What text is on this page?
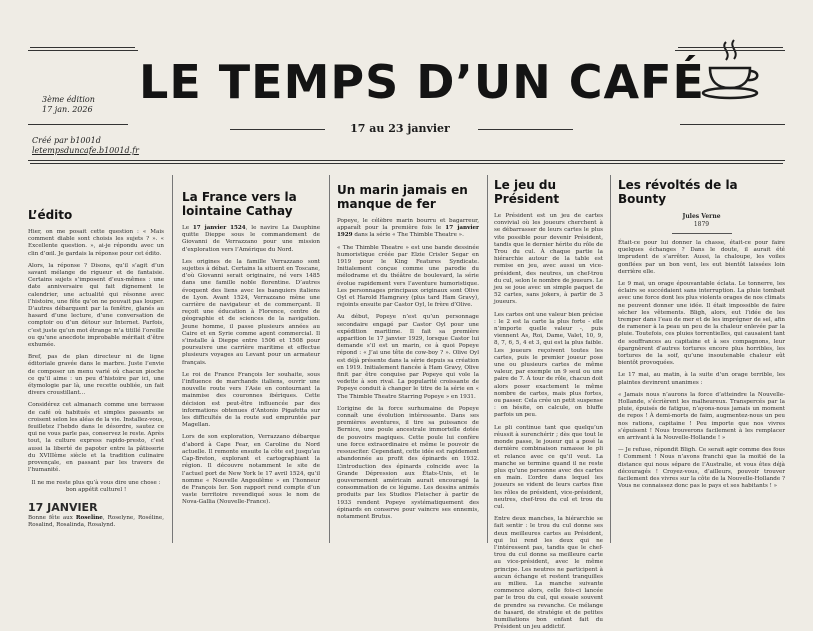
3ème édition
17 jan. 2026
Créé par b1001d
letempsduncafe.b1001d.fr
LE TEMPS D’UN CAFÉ
17 au 23 janvier
L’édito

Hier, on me posait cette question : « Mais comment diable sont choisis les sujets ? ». « Excellente question. », ai-je répondu avec un clin d’œil. Je gardais la réponse pour cet édito.

Alors, la réponse ? Disons, qu’il s’agit d’un savant mélange de rigueur et de fantaisie. Certains sujets s’imposent d’eux-mêmes : une date anniversaire qui fait dignement le calendrier, une actualité qui résonne avec l’histoire, une fête qu’on ne pouvait pas louper. D’autres débarquent par la fenêtre, glanés au hasard d’une lecture, d’une conversation de comptoir ou d’un détour sur Internet. Parfois, c’est juste qu’un mot étrange m’a titillé l’oreille ou qu’une anecdote improbable méritait d’être exhumée.

Bref, pas de plan directeur ni de ligne éditoriale gravée dans le marbre. Juste l’envie de composer un menu varié où chacun pioche ce qu’il aime : un peu d’histoire par ici, une étymologie par là, une recette oubliée, un fait divers croustillant…

Considérez cet almanach comme une terrasse de café où habitués et simples passants se croisent selon les aléas de la vie. Installez-vous, feuilletez l’hebdo dans le désordre, sautez ce qui ne vous parle pas, conservez le reste. Après tout, la culture express rapido-presto, c’est aussi la liberté de papoter entre la pâtisserie du XVIIIème siècle et la tradition culinaire provençale, en passant par les travers de l’humanité.

Il ne me reste plus qu’à vous dire une chose : bon appétit culturel !

17 JANVIER

Bonne fête aux Roseline, Roselyne, Roséline, Rosalind, Rosalinda, Rosalynd.

La France vers la lointaine Cathay

Le 17 janvier 1524, le navire La Dauphine quitte Dieppe sous le commandement de Giovanni de Verrazzano pour une mission d’exploration vers l’Amérique du Nord.

Les origines de la famille Verrazzano sont sujettes à débat. Certains la situent en Toscane, d’où Giovanni serait originaire, né vers 1485 dans une famille noble florentine. D’autres évoquent des liens avec les banquiers italiens de Lyon. Avant 1524, Verrazzano mène une carrière de navigateur et de commerçant. Il reçoit une éducation à Florence, centre de géographie et de sciences de la navigation. Jeune homme, il passe plusieurs années au Caire et en Syrie comme agent commercial. Il s’installe à Dieppe entre 1506 et 1508 pour poursuivre une carrière maritime et effectue plusieurs voyages au Levant pour un armateur français.

Le roi de France François Ier souhaite, sous l’influence de marchands italiens, ouvrir une nouvelle route vers l’Asie en contournant la mainmise des couronnes ibériques. Cette décision est peut-être influencée par des informations obtenues d’Antonio Pigafetta sur les difficultés de la route sud empruntée par Magellan.

Lors de son exploration, Verrazzano débarque d’abord à Cape Fear, en Caroline du Nord actuelle. Il remonte ensuite la côte est jusqu’au Cap-Breton, explorant et cartographiant la région. Il découvre notamment le site de l’actuel port de New York le 17 avril 1524, qu’il nomme « Nouvelle Angoulême » en l’honneur de François Ier. Son rapport rend compte d’un vaste territoire revendiqué sous le nom de Nova-Gallia (Nouvelle-France).

Un marin jamais en manque de fer

Popeye, le célèbre marin bourru et bagarreur, apparaît pour la première fois le 17 janvier 1929 dans la série « The Thimble Theatre ».

« The Thimble Theatre » est une bande dessinée humoristique créée par Elzie Crisler Segar en 1919 pour le King Features Syndicate. Initialement conçue comme une parodie du mélodrame et du théâtre de boulevard, la série évolue rapidement vers l’aventure humoristique. Les personnages principaux originaux sont Olive Oyl et Harold Hamgravy (plus tard Ham Gravy), rejoints ensuite par Castor Oyl, le frère d’Olive.

Au début, Popeye n’est qu’un personnage secondaire engagé par Castor Oyl pour une expédition maritime. Il fait sa première apparition le 17 janvier 1929, lorsque Castor lui demande s’il est un marin, ce à quoi Popeye répond : « J’ai une tête de cow-boy ? ». Olive Oyl est déjà présente dans la série depuis sa création en 1919. Initialement fiancée à Ham Gravy, Olive finit par être conquise par Popeye qui vole la vedette à son rival. La popularité croissante de Popeye conduit à changer le titre de la série en « The Thimble Theatre Starring Popeye » en 1931.

L’origine de la force surhumaine de Popeye connaît une évolution intéressante. Dans ses premières aventures, il tire sa puissance de Bernice, une poule ancestrale immortelle dotée de pouvoirs magiques. Cette poule lui confère une force extraordinaire et même le pouvoir de ressusciter. Cependant, cette idée est rapidement abandonnée au profit des épinards en 1932. L’introduction des épinards coïncide avec la Grande Dépression aux États-Unis, et le gouvernement américain aurait encouragé la consommation de ce légume. Les dessins animés produits par les Studios Fleischer à partir de 1933 rendent Popeye systématiquement des épinards en conserve pour vaincre ses ennemis, notamment Brutus.

Le jeu du Président

Le Président est un jeu de cartes convivial où les joueurs cherchent à se débarrasser de leurs cartes le plus vite possible pour devenir Président, tandis que le dernier hérite du rôle de Trou du cul. À chaque partie la hiérarchie autour de la table est remise en jeu, avec aussi un vice-président, des neutres, un chef-trou du cul, selon le nombre de joueurs. Le jeu se joue avec un simple paquet de 52 cartes, sans jokers, à partir de 3 joueurs.

Les cartes ont une valeur bien précise : le 2 est la carte la plus forte - elle n’importe quelle valeur -, puis viennent As, Roi, Dame, Valet, 10, 9, 8, 7, 6, 5, 4 et 3, qui est la plus faible. Les joueurs reçoivent toutes les cartes, puis le premier joueur pose une ou plusieurs cartes de même valeur, par exemple un 9 seul ou une paire de 7. À tour de rôle, chacun doit alors poser exactement le même nombre de cartes, mais plus fortes, ou passer. Cela crée un petit suspense : on hésite, on calcule, on bluffe parfois un peu.

Le pli continue tant que quelqu’un réussit à surenchérir ; dès que tout le monde passe, le joueur qui a posé la dernière combinaison ramasse le pli et relance avec ce qu’il veut. La manche se termine quand il ne reste plus qu’une personne avec des cartes en main. L’ordre dans lequel les joueurs se vident de leurs cartes fixe les rôles de président, vice-président, neutres, chef-trou du cul et trou du cul.

Entre deux manches, la hiérarchie se fait sentir : le trou du cul donne ses deux meilleures cartes au Président, qui lui rend les deux qui ne l’intéressent pas, tandis que le chef-trou du cul donne sa meilleure carte au vice-président, avec le même principe. Les neutres ne participent à aucun échange et restent tranquilles au milieu. La manche suivante commence alors, celle fois-ci lancée par le trou du cul, qui essaie souvent de prendre sa revanche. Ce mélange de hasard, de stratégie et de petites humiliations bon enfant fait du Président un jeu addictif.

Les révoltés de la Bounty
Jules Verne
1879

Était-ce pour lui donner la chasse, était-ce pour faire quelques échanges ? Dans le doute, il aurait été imprudent de s’arrêter. Aussi, la chaloupe, les voiles gonflées par un bon vent, les eut bientôt laissées loin derrière elle.

Le 9 mai, un orage épouvantable éclata. Le tonnerre, les éclairs se succédaient sans interruption. La pluie tombait avec une force dont les plus violents orages de nos climats ne peuvent donner une idée. Il était impossible de faire sécher les vêtements. Bligh, alors, eut l’idée de les tremper dans l’eau de mer et de les imprégner de sel, afin de ramener à la peau un peu de la chaleur enlevée par la pluie. Toutefois, ces pluies torrentielles, qui causaient tant de souffrances au capitaine et à ses compagnons, leur épargnèrent d’autres tortures encore plus horribles, les tortures de la soif, qu’une insoutenable chaleur eût bientôt provoquées.

Le 17 mai, au matin, à la suite d’un orage terrible, les plaintes devinrent unanimes :

« Jamais nous n’aurons la force d’atteindre la Nouvelle-Hollande, s’écrièrent les malheureux. Transpercés par la pluie, épuisés de fatigue, n’ayons-nous jamais un moment de repos ! À demi-morts de faim, augmentez-nous un peu nos rations, capitaine ! Peu importe que nos vivres s’épuisent ! Nous trouverons facilement à les remplacer en arrivant à la Nouvelle-Hollande ! »

— Je refuse, répondit Bligh. Ce serait agir comme des fous ! Comment ! Nous n’avons franchi que la moitié de la distance qui nous sépare de l’Australie, et vous êtes déjà découragés ! Croyez-vous, d’ailleurs, pouvoir trouver facilement des vivres sur la côte de la Nouvelle-Hollande ? Vous ne connaissez donc pas le pays et ses habitants ! »
